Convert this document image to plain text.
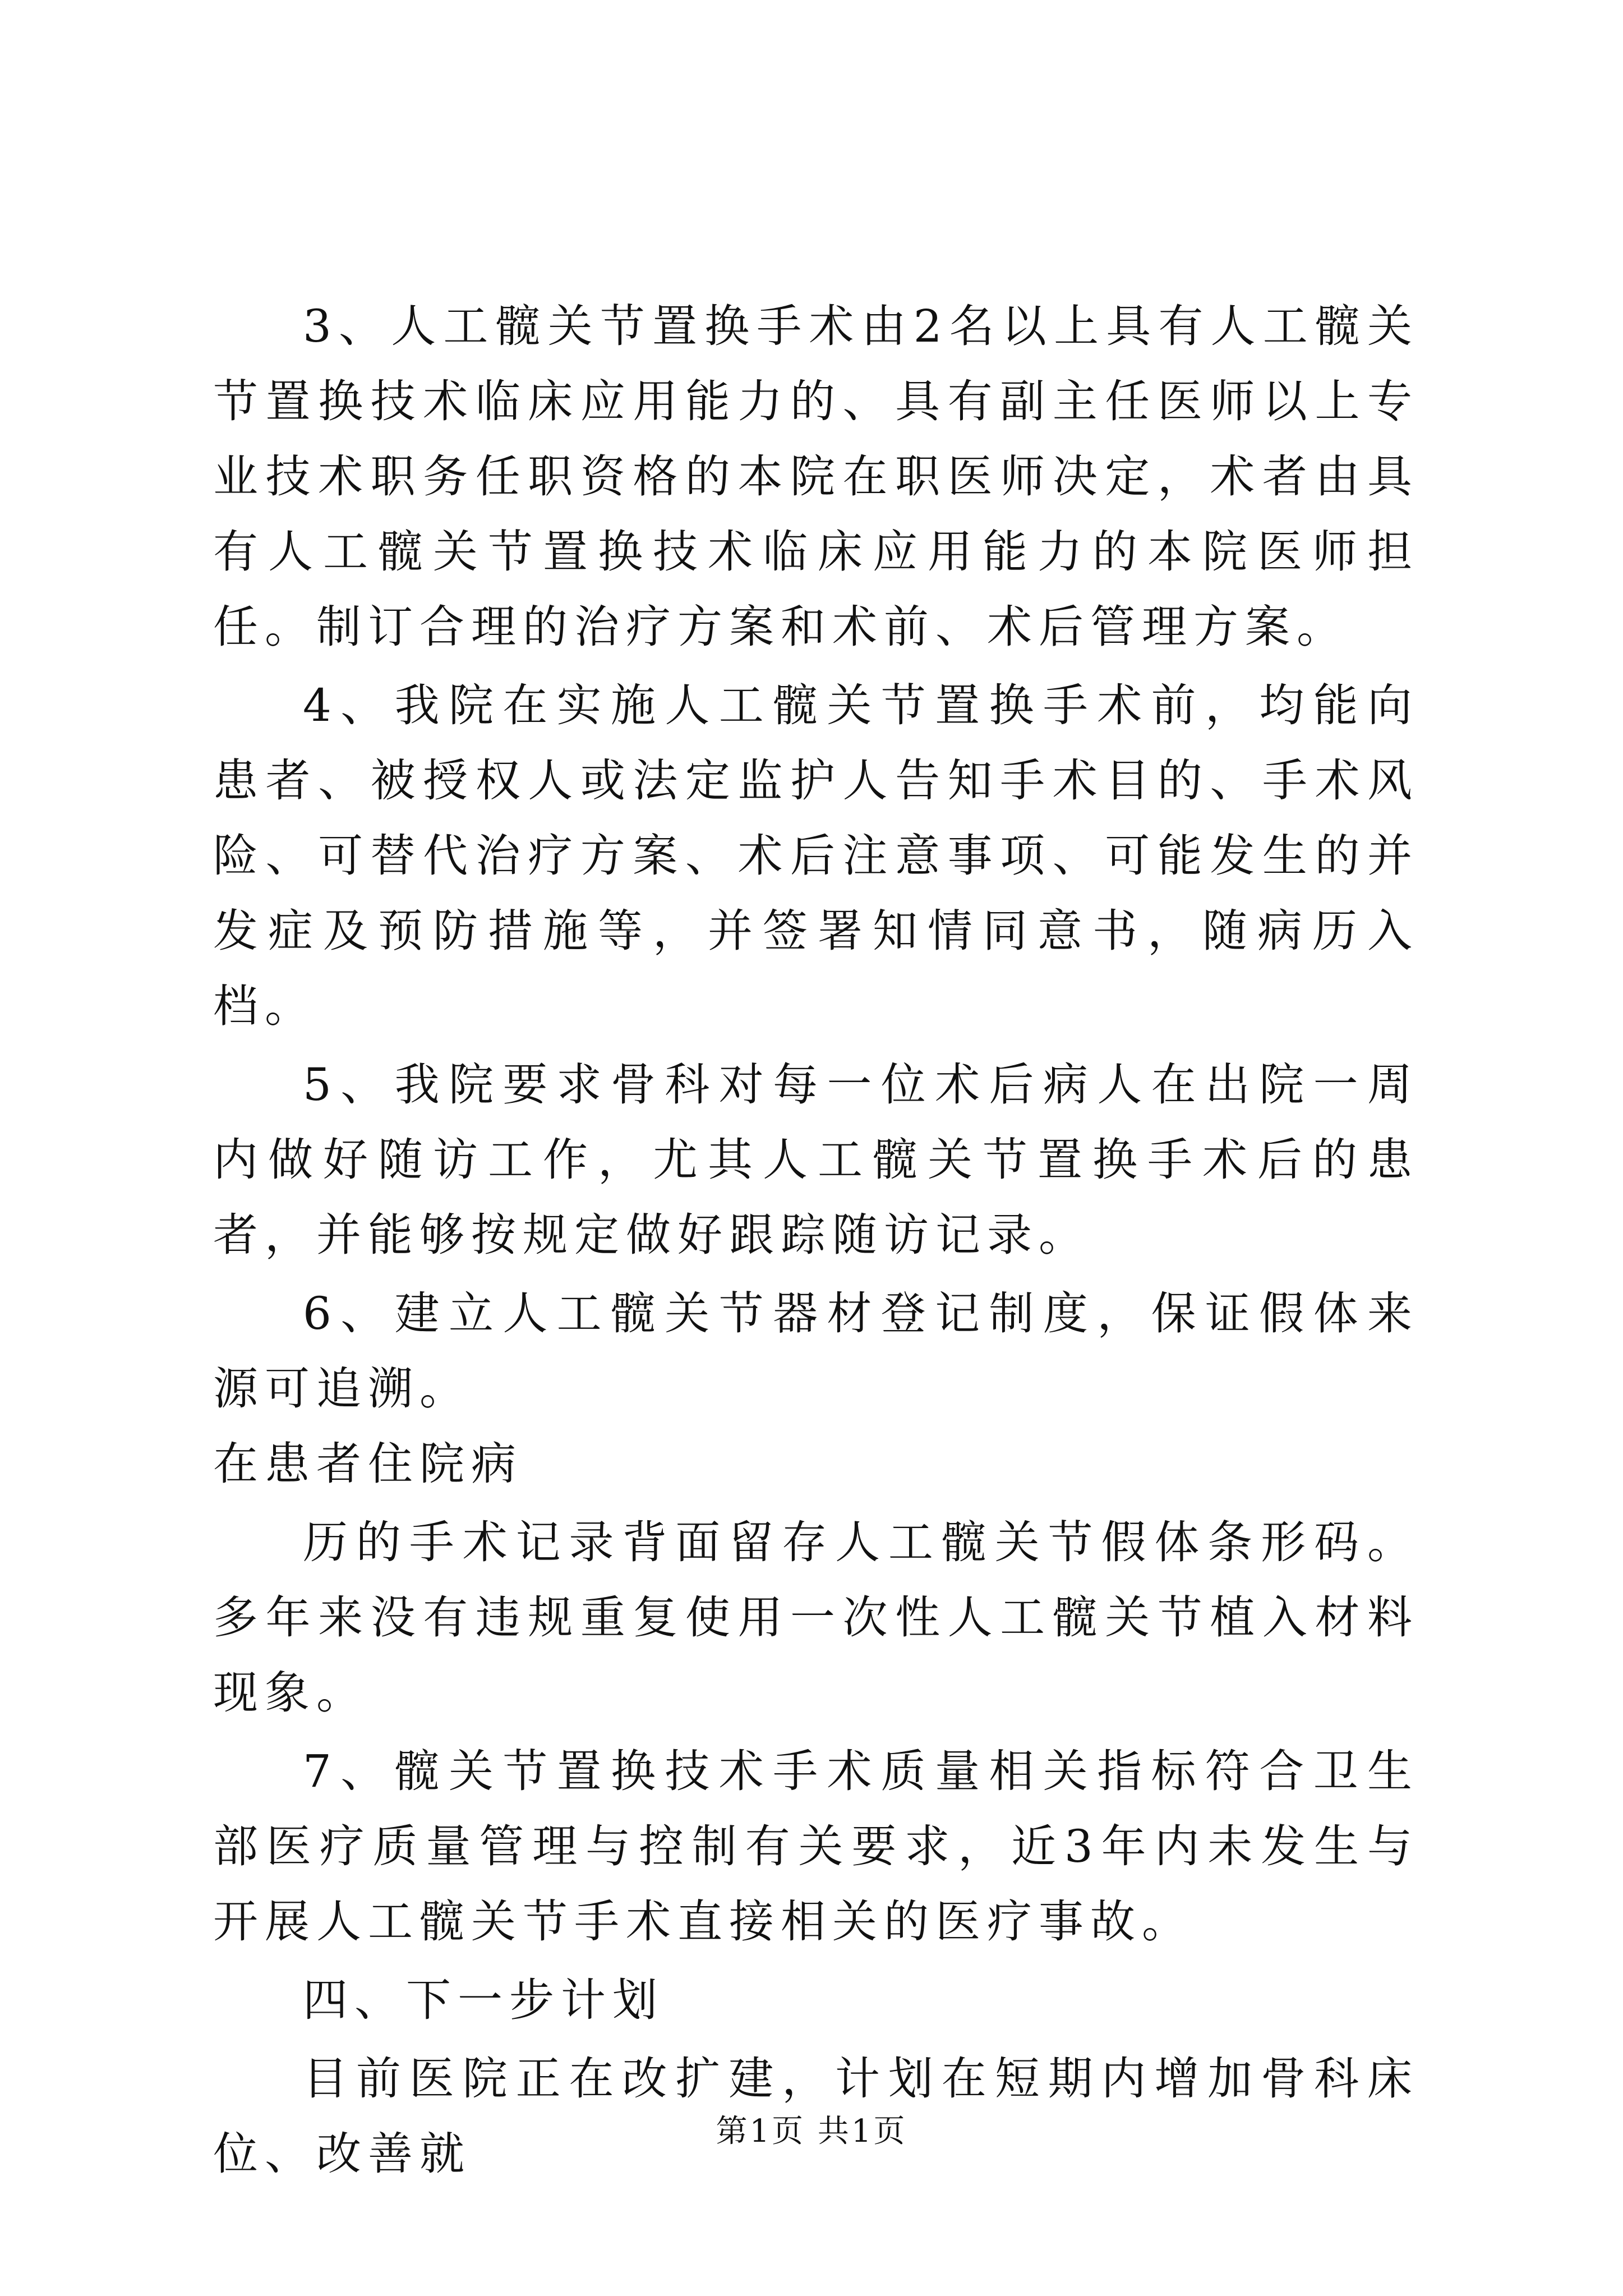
3、人工髋关节置换手术由2名以上具有人工髋关节置换技术临床应用能力的、具有副主任医师以上专业技术职务任职资格的本院在职医师决定，术者由具有人工髋关节置换技术临床应用能力的本院医师担任。制订合理的治疗方案和术前、术后管理方案。

4、我院在实施人工髋关节置换手术前，均能向患者、被授权人或法定监护人告知手术目的、手术风险、可替代治疗方案、术后注意事项、可能发生的并发症及预防措施等，并签署知情同意书，随病历入档。

5、我院要求骨科对每一位术后病人在出院一周内做好随访工作，尤其人工髋关节置换手术后的患者，并能够按规定做好跟踪随访记录。

6、建立人工髋关节器材登记制度，保证假体来源可追溯。

在患者住院病

历的手术记录背面留存人工髋关节假体条形码。多年来没有违规重复使用一次性人工髋关节植入材料现象。

7、髋关节置换技术手术质量相关指标符合卫生部医疗质量管理与控制有关要求，近3年内未发生与开展人工髋关节手术直接相关的医疗事故。

四、下一步计划

目前医院正在改扩建，计划在短期内增加骨科床位、改善就	第1页 共1页
